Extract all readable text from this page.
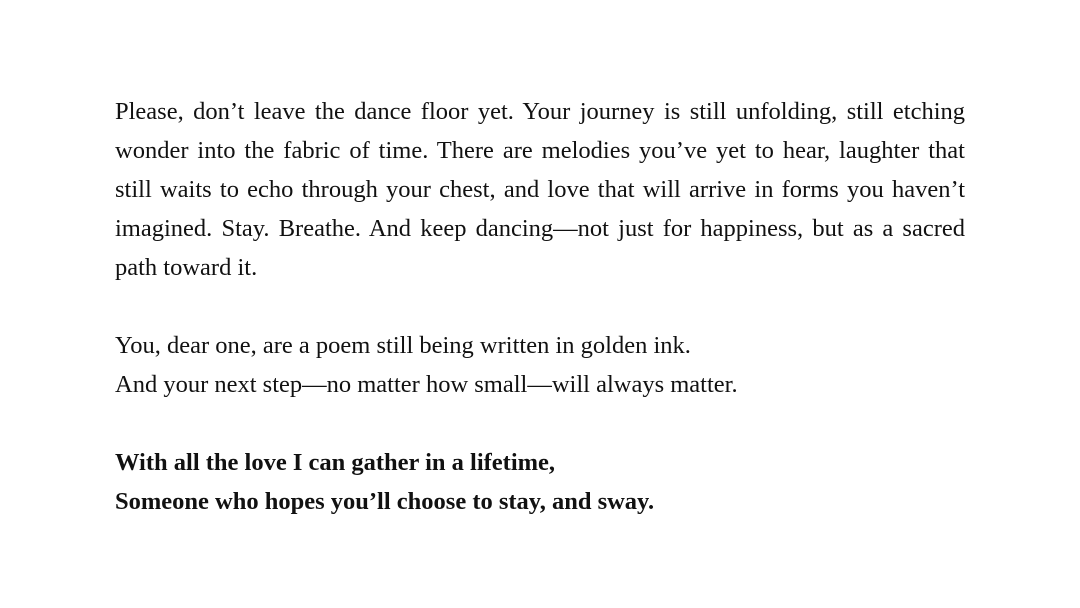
Please, don’t leave the dance floor yet. Your journey is still unfolding, still etching wonder into the fabric of time. There are melodies you’ve yet to hear, laughter that still waits to echo through your chest, and love that will arrive in forms you haven’t imagined. Stay. Breathe. And keep dancing—not just for happiness, but as a sacred path toward it.

You, dear one, are a poem still being written in golden ink.
And your next step—no matter how small—will always matter.

With all the love I can gather in a lifetime,
Someone who hopes you’ll choose to stay, and sway.
